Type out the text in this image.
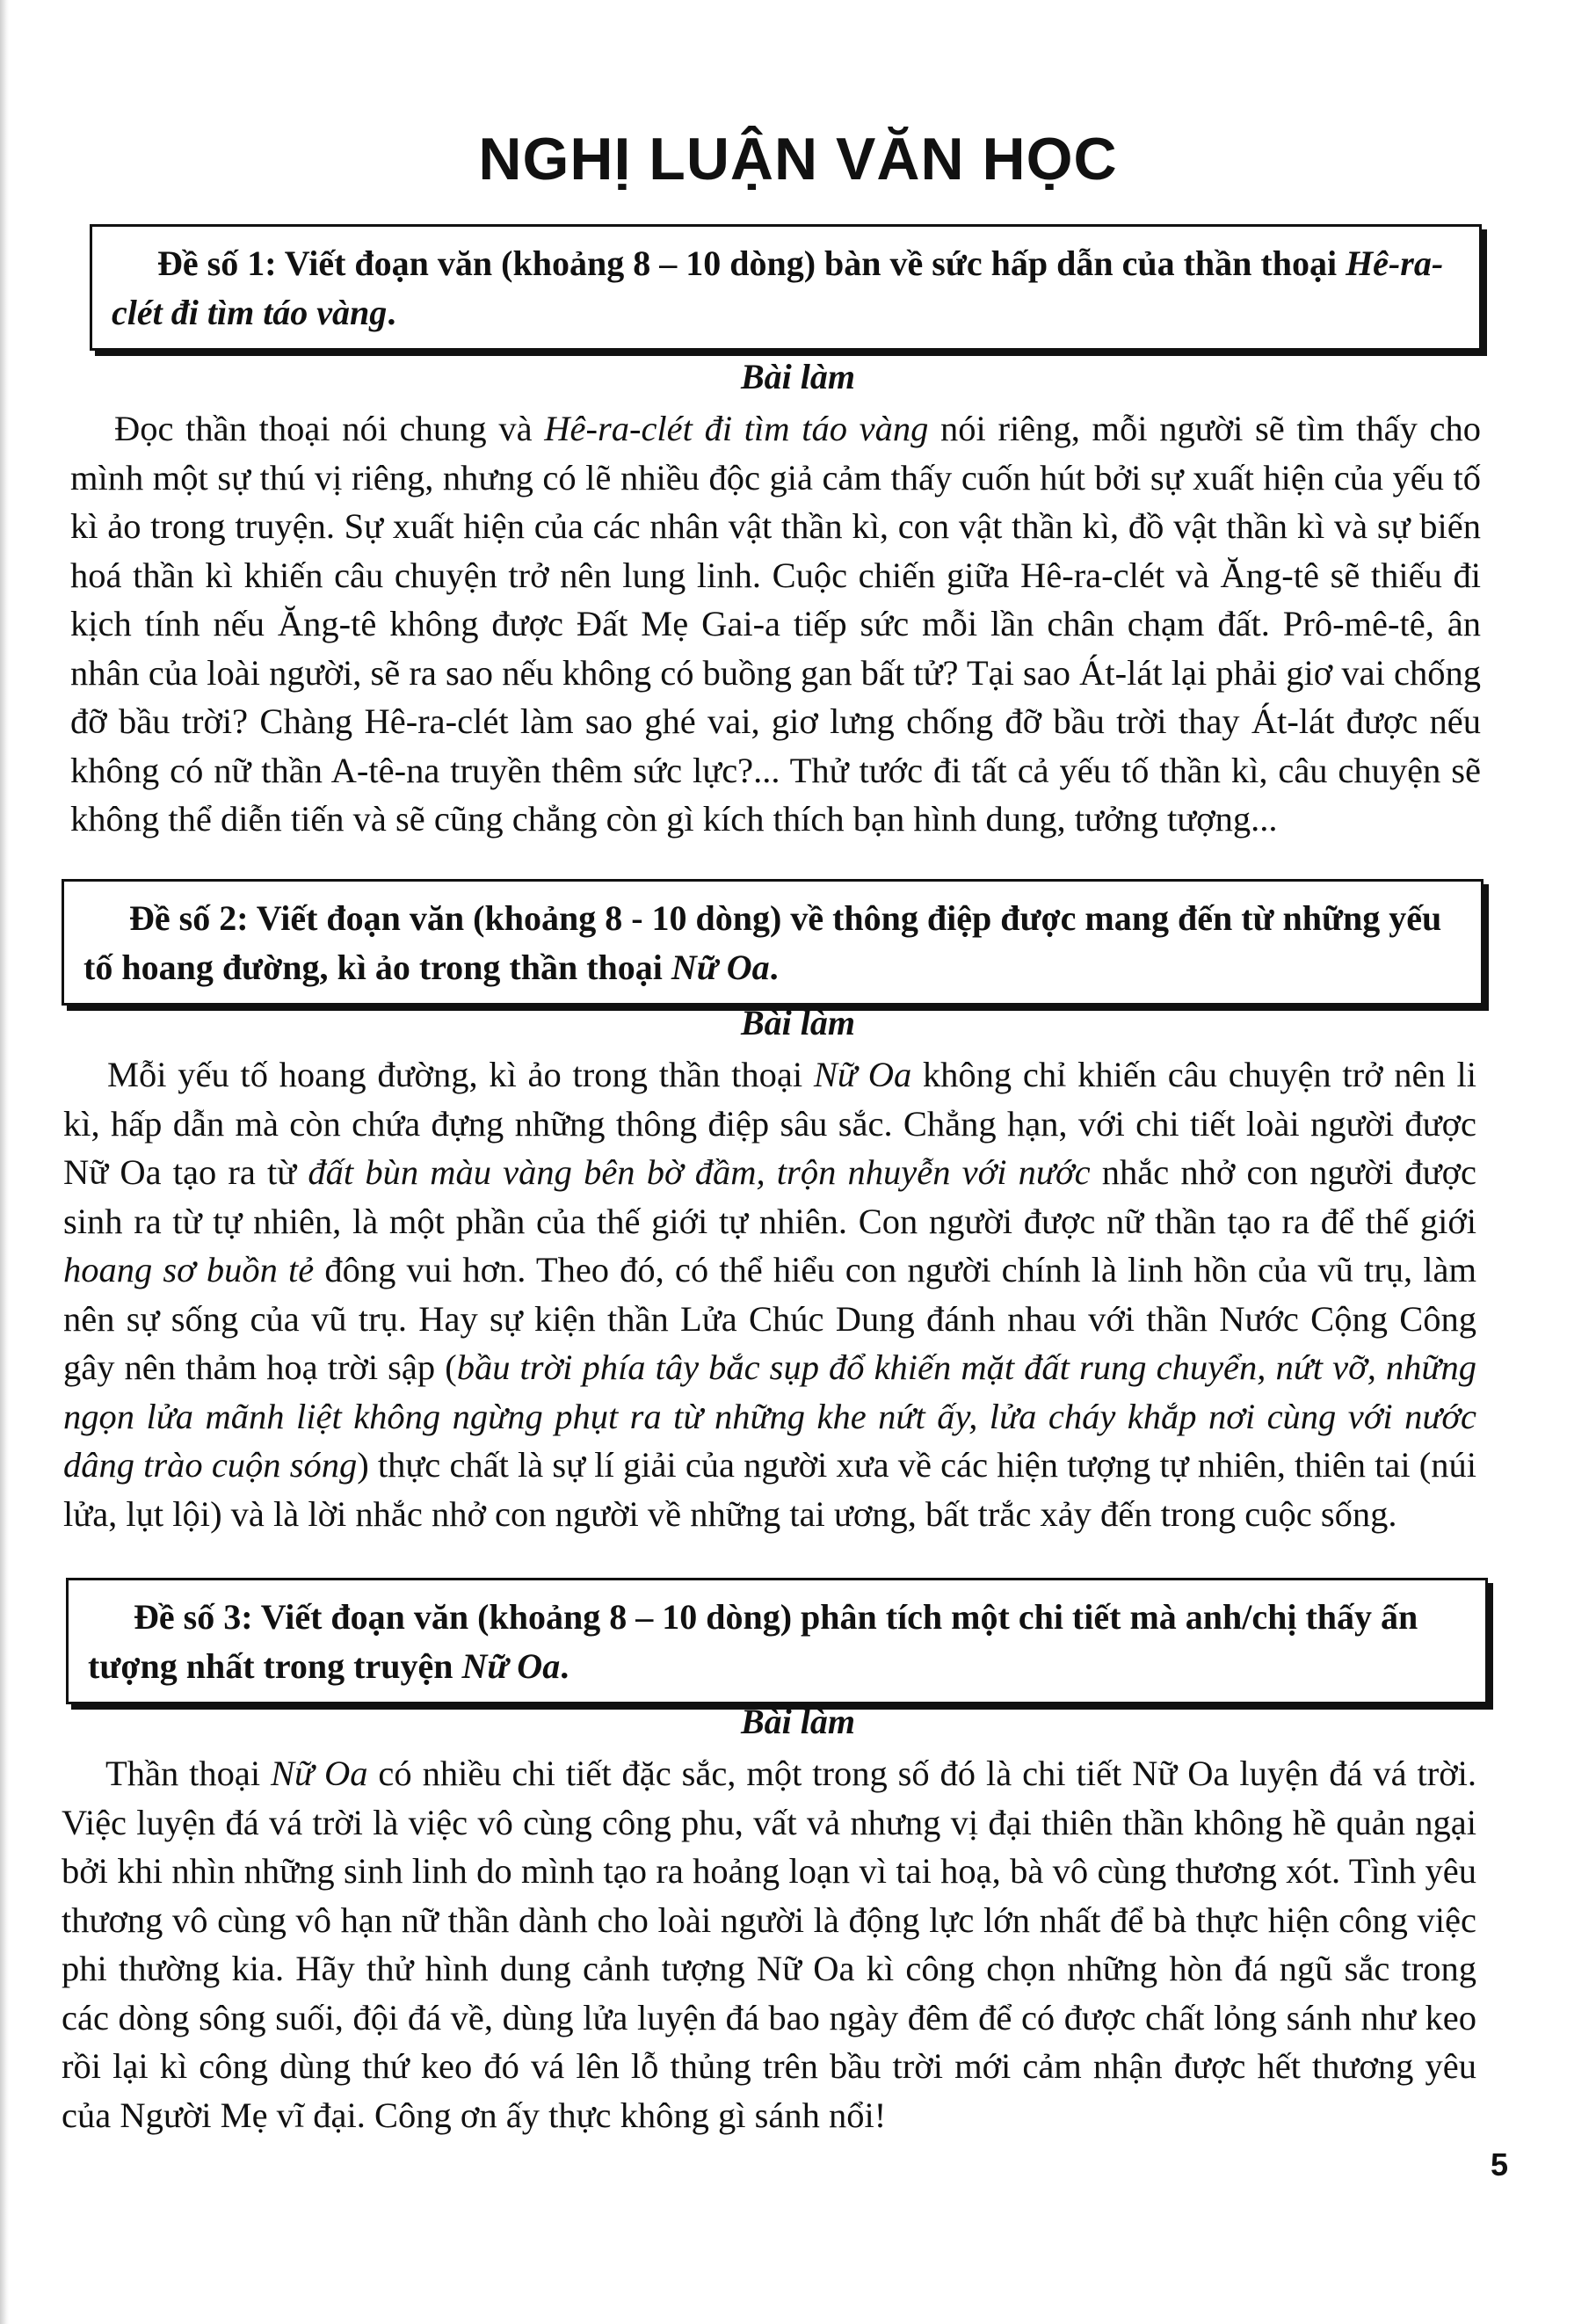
NGHỊ LUẬN VĂN HỌC
Đề số 1: Viết đoạn văn (khoảng 8 – 10 dòng) bàn về sức hấp dẫn của thần thoại Hê-ra-clét đi tìm táo vàng.
Bài làm

Đọc thần thoại nói chung và Hê-ra-clét đi tìm táo vàng nói riêng, mỗi người sẽ tìm thấy cho mình một sự thú vị riêng, nhưng có lẽ nhiều độc giả cảm thấy cuốn hút bởi sự xuất hiện của yếu tố kì ảo trong truyện. Sự xuất hiện của các nhân vật thần kì, con vật thần kì, đồ vật thần kì và sự biến hoá thần kì khiến câu chuyện trở nên lung linh. Cuộc chiến giữa Hê-ra-clét và Ăng-tê sẽ thiếu đi kịch tính nếu Ăng-tê không được Đất Mẹ Gai-a tiếp sức mỗi lần chân chạm đất. Prô-mê-tê, ân nhân của loài người, sẽ ra sao nếu không có buồng gan bất tử? Tại sao Át-lát lại phải giơ vai chống đỡ bầu trời? Chàng Hê-ra-clét làm sao ghé vai, giơ lưng chống đỡ bầu trời thay Át-lát được nếu không có nữ thần A-tê-na truyền thêm sức lực?... Thử tước đi tất cả yếu tố thần kì, câu chuyện sẽ không thể diễn tiến và sẽ cũng chẳng còn gì kích thích bạn hình dung, tưởng tượng...

Đề số 2: Viết đoạn văn (khoảng 8 - 10 dòng) về thông điệp được mang đến từ những yếu tố hoang đường, kì ảo trong thần thoại Nữ Oa.
Bài làm

Mỗi yếu tố hoang đường, kì ảo trong thần thoại Nữ Oa không chỉ khiến câu chuyện trở nên li kì, hấp dẫn mà còn chứa đựng những thông điệp sâu sắc. Chẳng hạn, với chi tiết loài người được Nữ Oa tạo ra từ đất bùn màu vàng bên bờ đầm, trộn nhuyễn với nước nhắc nhở con người được sinh ra từ tự nhiên, là một phần của thế giới tự nhiên. Con người được nữ thần tạo ra để thế giới hoang sơ buồn tẻ đông vui hơn. Theo đó, có thể hiểu con người chính là linh hồn của vũ trụ, làm nên sự sống của vũ trụ. Hay sự kiện thần Lửa Chúc Dung đánh nhau với thần Nước Cộng Công gây nên thảm hoạ trời sập (bầu trời phía tây bắc sụp đổ khiến mặt đất rung chuyển, nứt vỡ, những ngọn lửa mãnh liệt không ngừng phụt ra từ những khe nứt ấy, lửa cháy khắp nơi cùng với nước dâng trào cuộn sóng) thực chất là sự lí giải của người xưa về các hiện tượng tự nhiên, thiên tai (núi lửa, lụt lội) và là lời nhắc nhở con người về những tai ương, bất trắc xảy đến trong cuộc sống.

Đề số 3: Viết đoạn văn (khoảng 8 – 10 dòng) phân tích một chi tiết mà anh/chị thấy ấn tượng nhất trong truyện Nữ Oa.
Bài làm

Thần thoại Nữ Oa có nhiều chi tiết đặc sắc, một trong số đó là chi tiết Nữ Oa luyện đá vá trời. Việc luyện đá vá trời là việc vô cùng công phu, vất vả nhưng vị đại thiên thần không hề quản ngại bởi khi nhìn những sinh linh do mình tạo ra hoảng loạn vì tai hoạ, bà vô cùng thương xót. Tình yêu thương vô cùng vô hạn nữ thần dành cho loài người là động lực lớn nhất để bà thực hiện công việc phi thường kia. Hãy thử hình dung cảnh tượng Nữ Oa kì công chọn những hòn đá ngũ sắc trong các dòng sông suối, đội đá về, dùng lửa luyện đá bao ngày đêm để có được chất lỏng sánh như keo rồi lại kì công dùng thứ keo đó vá lên lỗ thủng trên bầu trời mới cảm nhận được hết thương yêu của Người Mẹ vĩ đại. Công ơn ấy thực không gì sánh nổi!

5
